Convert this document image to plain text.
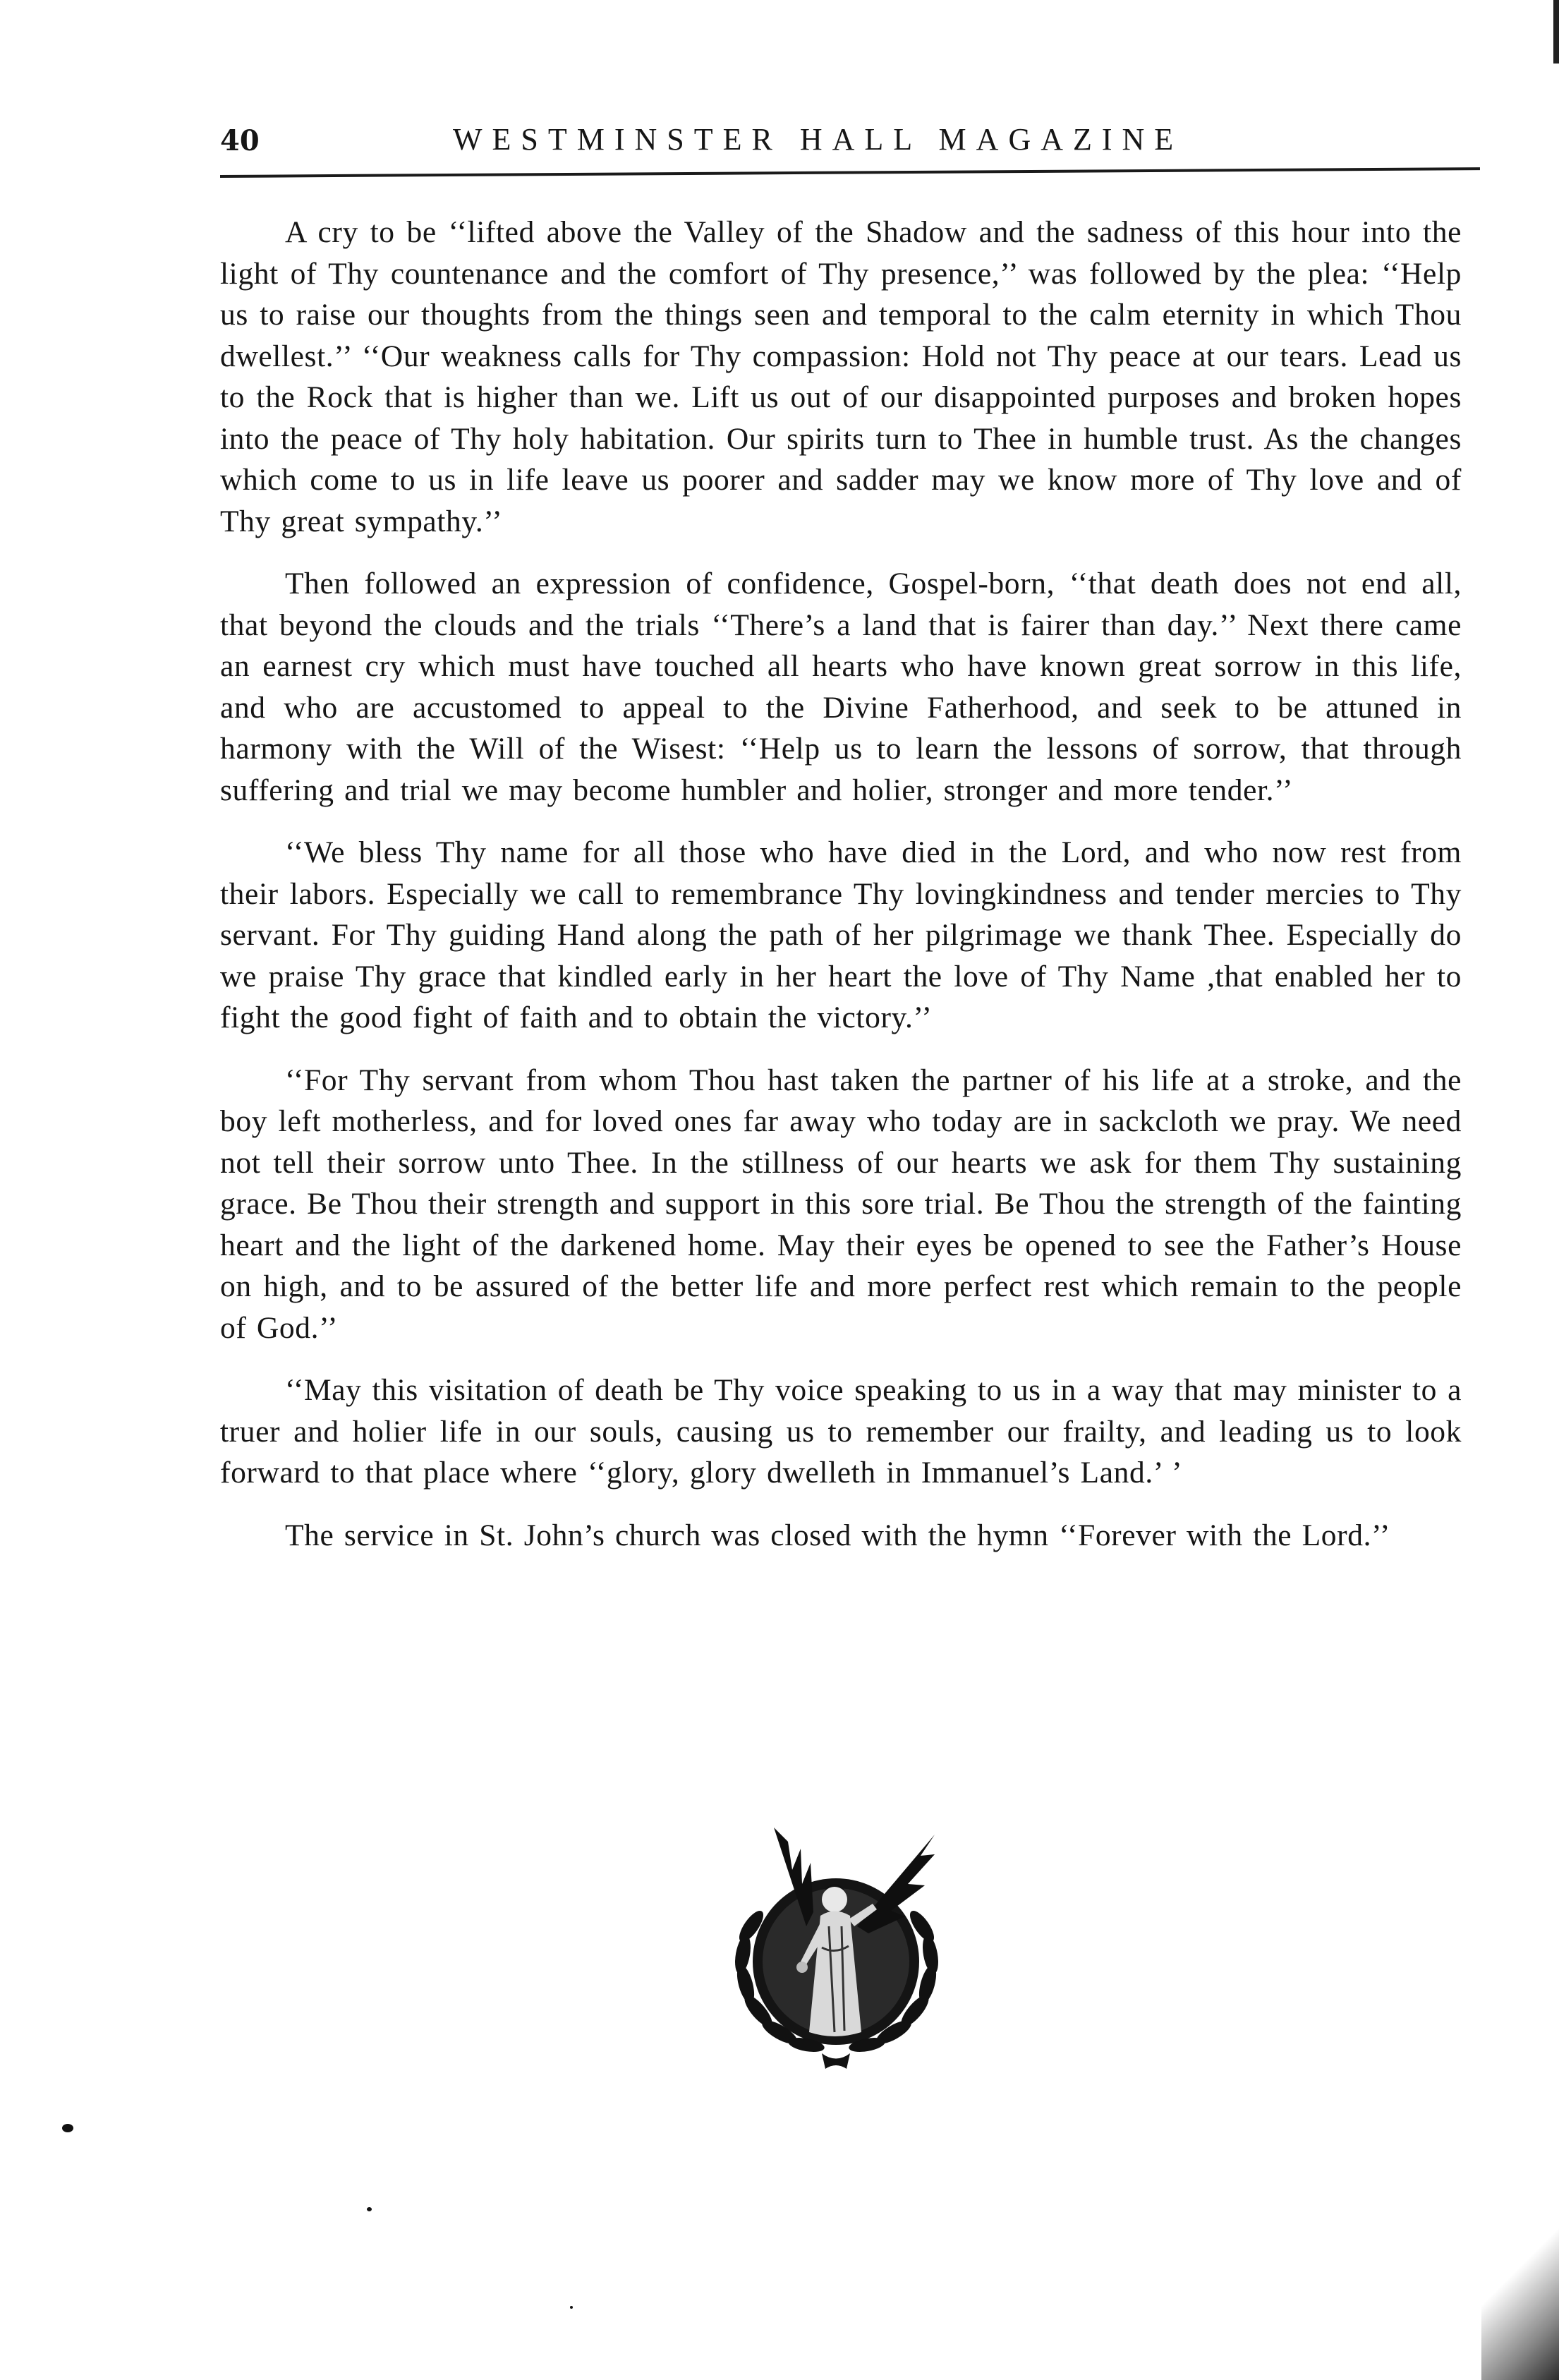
40	WESTMINSTER HALL MAGAZINE

A cry to be ‘‘lifted above the Valley of the Shadow and the sadness of this hour into the light of Thy countenance and the comfort of Thy presence,’’ was followed by the plea: ‘‘Help us to raise our thoughts from the things seen and temporal to the calm eternity in which Thou dwellest.’’ ‘‘Our weakness calls for Thy compassion: Hold not Thy peace at our tears. Lead us to the Rock that is higher than we. Lift us out of our disappointed purposes and broken hopes into the peace of Thy holy habitation. Our spirits turn to Thee in humble trust. As the changes which come to us in life leave us poorer and sadder may we know more of Thy love and of Thy great sympathy.’’

Then followed an expression of confidence, Gospel-born, ‘‘that death does not end all, that beyond the clouds and the trials ‘‘There’s a land that is fairer than day.’’ Next there came an earnest cry which must have touched all hearts who have known great sorrow in this life, and who are accustomed to appeal to the Divine Fatherhood, and seek to be attuned in harmony with the Will of the Wisest: ‘‘Help us to learn the lessons of sorrow, that through suffering and trial we may become humbler and holier, stronger and more tender.’’

‘‘We bless Thy name for all those who have died in the Lord, and who now rest from their labors. Especially we call to remembrance Thy lovingkindness and tender mercies to Thy servant. For Thy guiding Hand along the path of her pilgrimage we thank Thee. Especially do we praise Thy grace that kindled early in her heart the love of Thy Name ,that enabled her to fight the good fight of faith and to obtain the victory.’’

‘‘For Thy servant from whom Thou hast taken the partner of his life at a stroke, and the boy left motherless, and for loved ones far away who today are in sackcloth we pray. We need not tell their sorrow unto Thee. In the stillness of our hearts we ask for them Thy sustaining grace. Be Thou their strength and support in this sore trial. Be Thou the strength of the fainting heart and the light of the darkened home. May their eyes be opened to see the Father’s House on high, and to be assured of the better life and more perfect rest which remain to the people of God.’’

‘‘May this visitation of death be Thy voice speaking to us in a way that may minister to a truer and holier life in our souls, causing us to remember our frailty, and leading us to look forward to that place where ‘‘glory, glory dwelleth in Immanuel’s Land.’ ’

The service in St. John’s church was closed with the hymn ‘‘Forever with the Lord.’’
